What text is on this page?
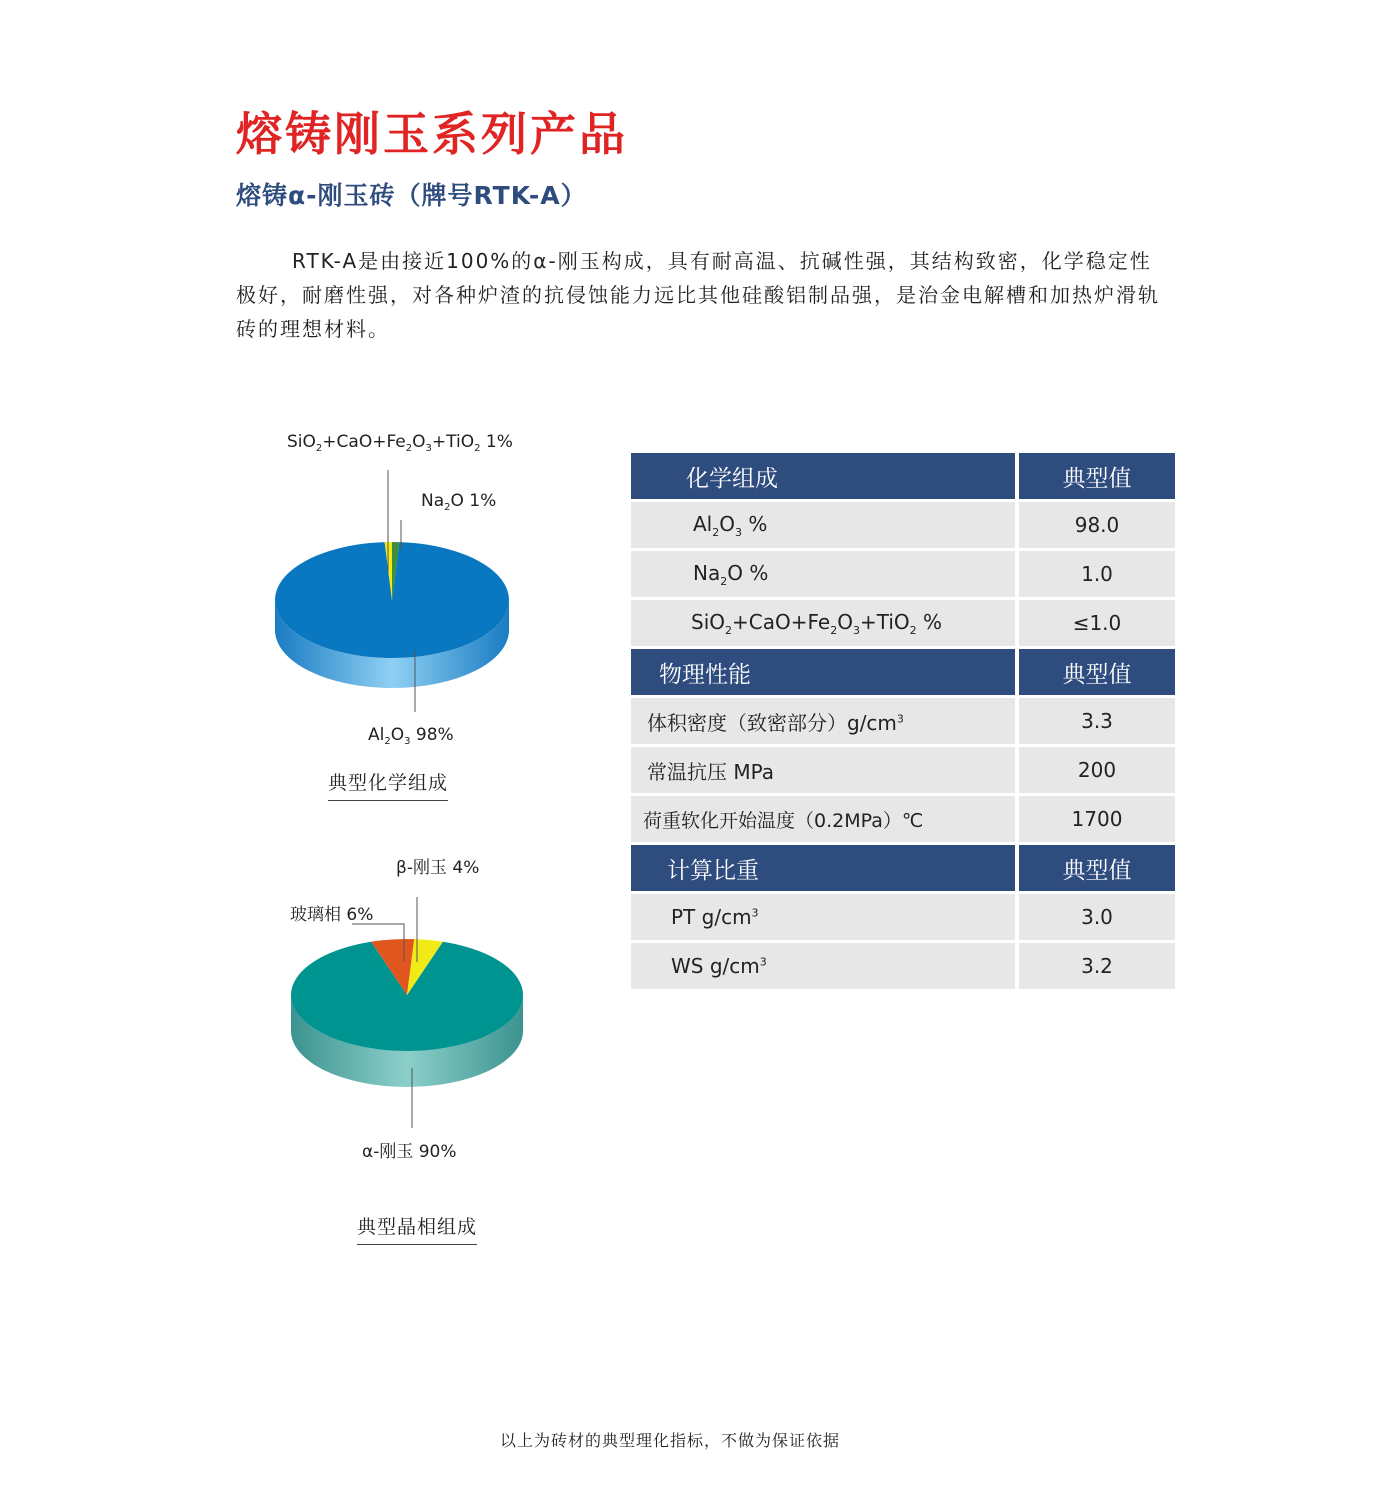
熔铸刚玉系列产品
熔铸α-刚玉砖（牌号RTK-A）

RTK-A是由接近100%的α-刚玉构成，具有耐高温、抗碱性强，其结构致密，化学稳定性极好，耐磨性强，对各种炉渣的抗侵蚀能力远比其他硅酸铝制品强，是治金电解槽和加热炉滑轨砖的理想材料。

$SiO_2+CaO+Fe_2O_3+TiO_2$ 1%
$Na_2O$ 1%
$Al_2O_3$ 98%
β-刚玉 4%
玻璃相 6%
α-刚玉 90%
典型化学组成
典型晶相组成
化学组成	典型值
$Al_2O_3$ %	98.0
$Na_2O$ %	1.0
$SiO_2+CaO+Fe_2O_3+TiO_2$ %	≤1.0
物理性能	典型值
体积密度（致密部分）$g/cm^3$	3.3
常温抗压 MPa	200
荷重软化开始温度（0.2MPa）℃	1700
计算比重	典型值
PT $g/cm^3$	3.0
WS $g/cm^3$	3.2

以上为砖材的典型理化指标，不做为保证依据
